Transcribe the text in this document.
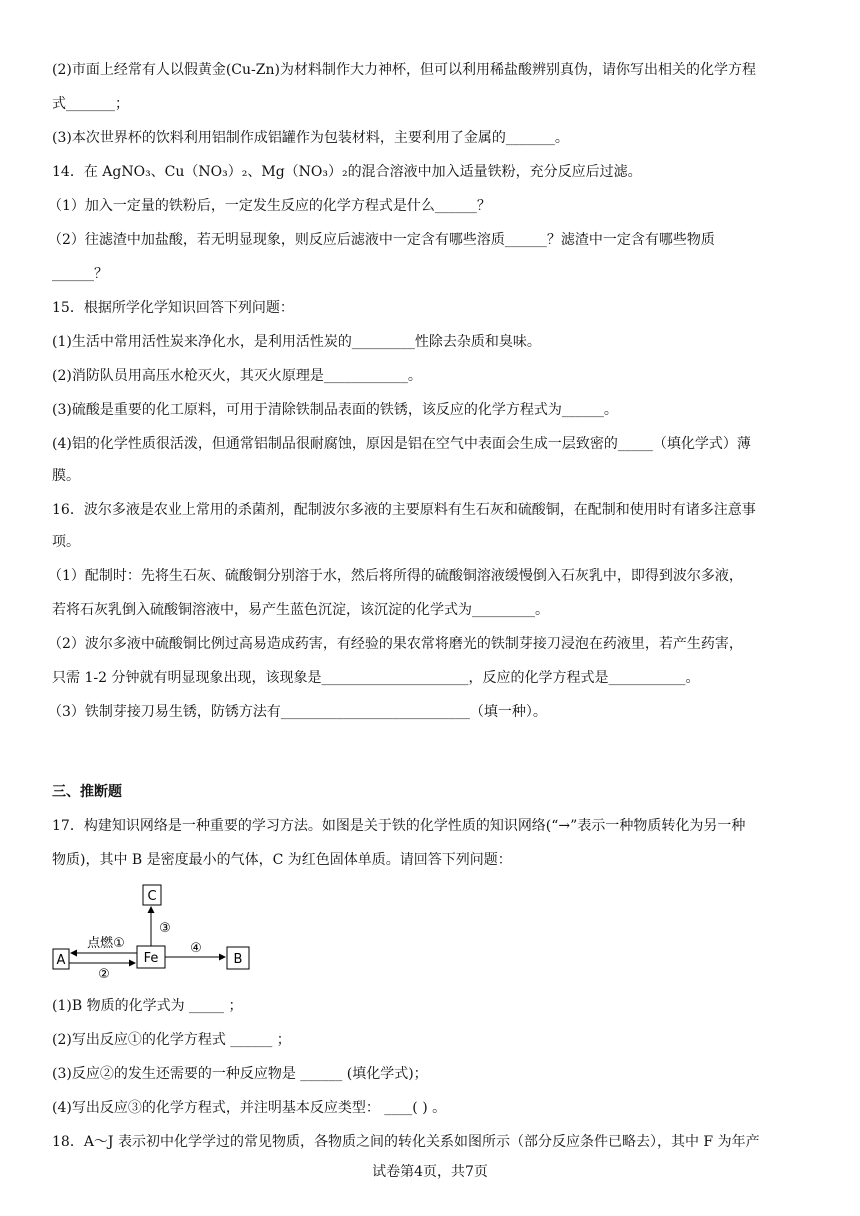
(2)市面上经常有人以假黄金(Cu-Zn)为材料制作大力神杯，但可以利用稀盐酸辨别真伪，请你写出相关的化学方程
式_______；
(3)本次世界杯的饮料利用铝制作成铝罐作为包装材料，主要利用了金属的_______。
14．在 AgNO₃、Cu（NO₃）₂、Mg（NO₃）₂的混合溶液中加入适量铁粉，充分反应后过滤。
（1）加入一定量的铁粉后，一定发生反应的化学方程式是什么______？
（2）往滤渣中加盐酸，若无明显现象，则反应后滤液中一定含有哪些溶质______？滤渣中一定含有哪些物质
______？
15．根据所学化学知识回答下列问题：
(1)生活中常用活性炭来净化水，是利用活性炭的_________性除去杂质和臭味。
(2)消防队员用高压水枪灭火，其灭火原理是____________。
(3)硫酸是重要的化工原料，可用于清除铁制品表面的铁锈，该反应的化学方程式为______。
(4)铝的化学性质很活泼，但通常铝制品很耐腐蚀，原因是铝在空气中表面会生成一层致密的_____（填化学式）薄
膜。
16．波尔多液是农业上常用的杀菌剂，配制波尔多液的主要原料有生石灰和硫酸铜，在配制和使用时有诸多注意事
项。
（1）配制时：先将生石灰、硫酸铜分别溶于水，然后将所得的硫酸铜溶液缓慢倒入石灰乳中，即得到波尔多液，
若将石灰乳倒入硫酸铜溶液中，易产生蓝色沉淀，该沉淀的化学式为_________。
（2）波尔多液中硫酸铜比例过高易造成药害，有经验的果农常将磨光的铁制芽接刀浸泡在药液里，若产生药害，
只需 1-2 分钟就有明显现象出现，该现象是_____________________，反应的化学方程式是___________。
（3）铁制芽接刀易生锈，防锈方法有___________________________（填一种）。
三、推断题
17．构建知识网络是一种重要的学习方法。如图是关于铁的化学性质的知识网络(“→”表示一种物质转化为另一种
物质)，其中 B 是密度最小的气体，C 为红色固体单质。请回答下列问题：
C
A	Fe	B
③
点燃①
②
④
(1)B 物质的化学式为 _____ ；
(2)写出反应①的化学方程式 ______ ；
(3)反应②的发生还需要的一种反应物是 ______ (填化学式)；
(4)写出反应③的化学方程式，并注明基本反应类型： ____( ) 。
18．A～J 表示初中化学学过的常见物质，各物质之间的转化关系如图所示（部分反应条件已略去），其中 F 为年产
试卷第4页，共7页
